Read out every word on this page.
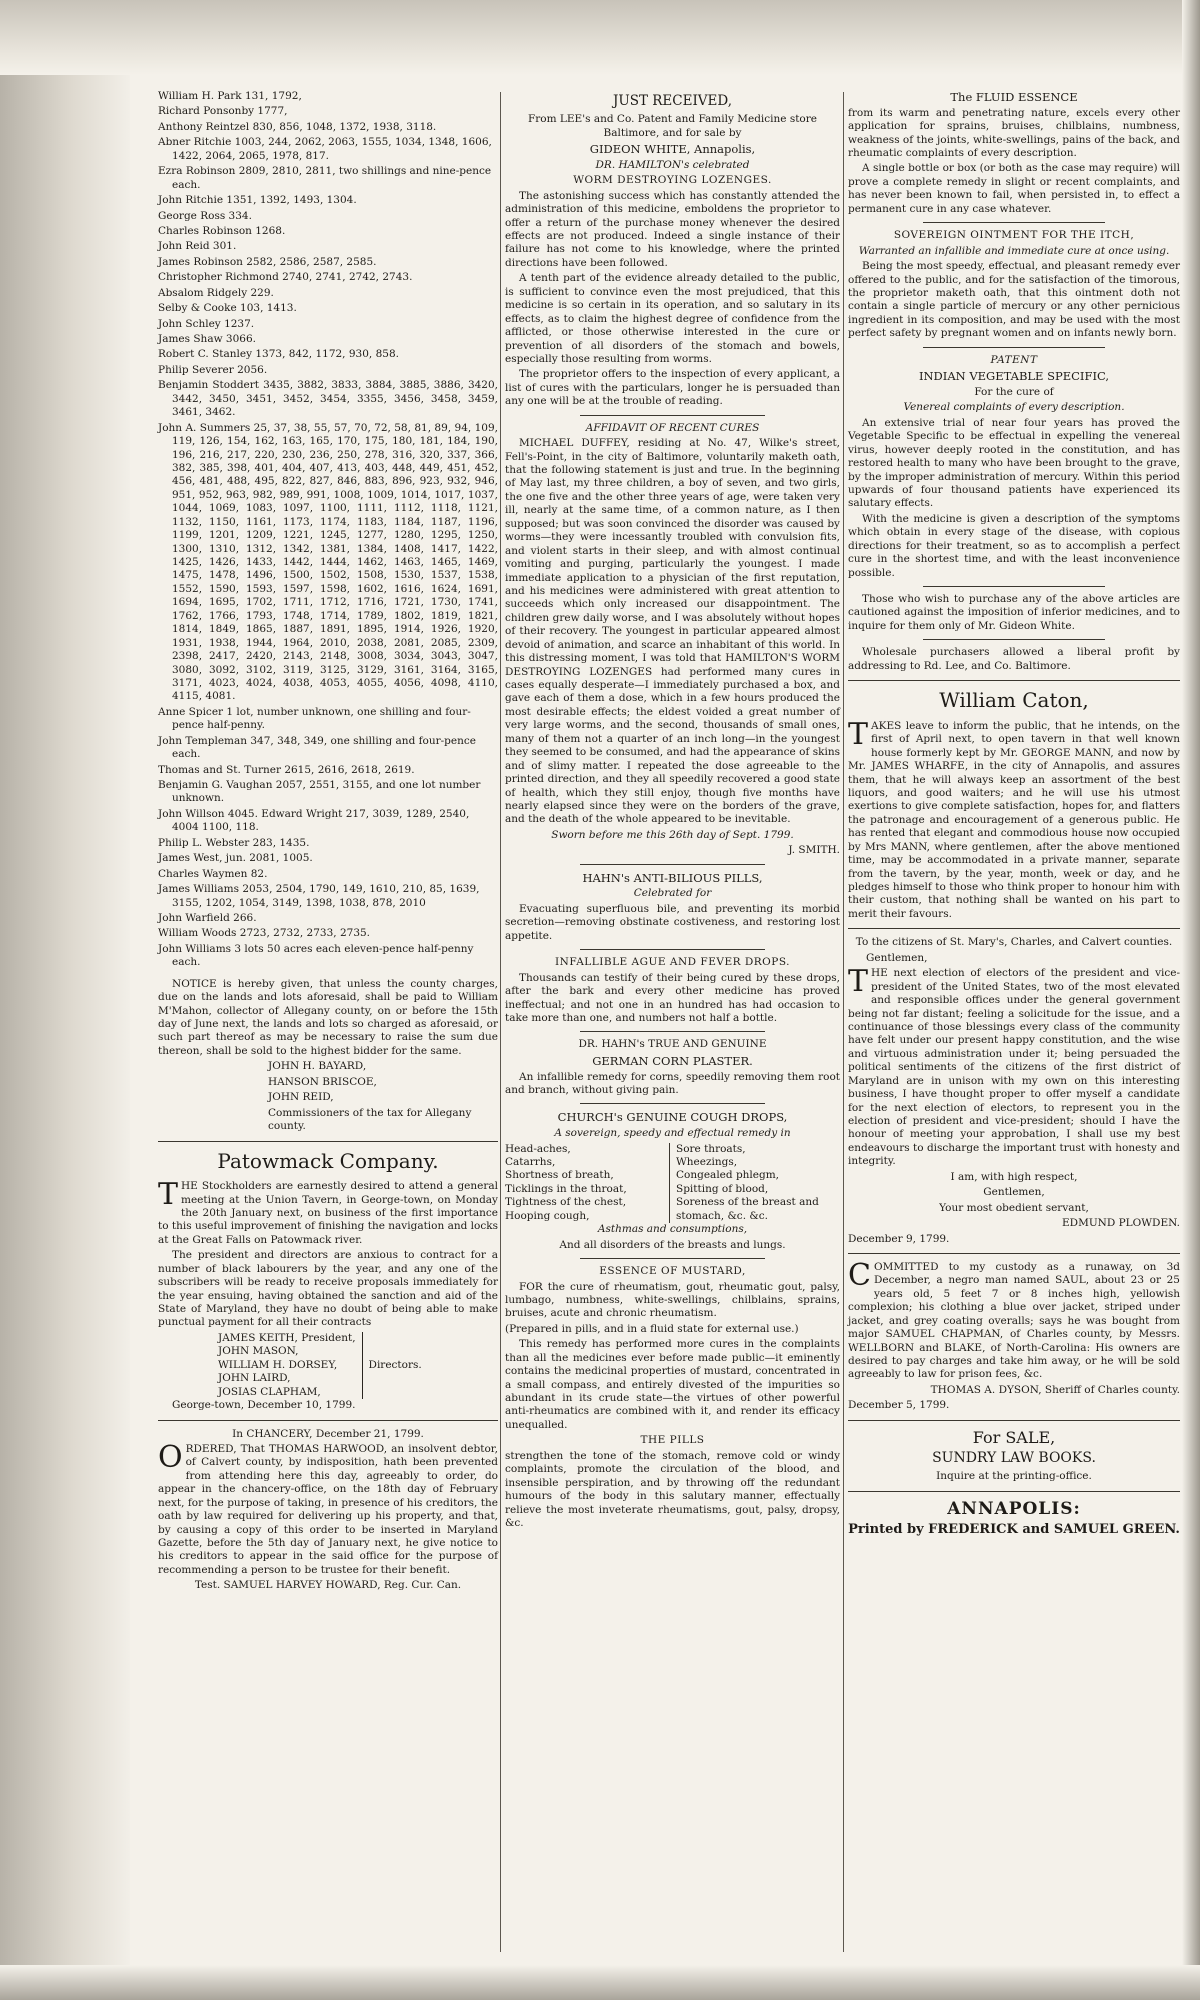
William H. Park 131, 1792,

Richard Ponsonby 1777,

Anthony Reintzel 830, 856, 1048, 1372, 1938, 3118.

Abner Ritchie 1003, 244, 2062, 2063, 1555, 1034, 1348, 1606, 1422, 2064, 2065, 1978, 817.

Ezra Robinson 2809, 2810, 2811, two shillings and nine-pence each.

John Ritchie 1351, 1392, 1493, 1304.

George Ross 334.

Charles Robinson 1268.

John Reid 301.

James Robinson 2582, 2586, 2587, 2585.

Christopher Richmond 2740, 2741, 2742, 2743.

Absalom Ridgely 229.

Selby & Cooke 103, 1413.

John Schley 1237.

James Shaw 3066.

Robert C. Stanley 1373, 842, 1172, 930, 858.

Philip Severer 2056.

Benjamin Stoddert 3435, 3882, 3833, 3884, 3885, 3886, 3420, 3442, 3450, 3451, 3452, 3454, 3355, 3456, 3458, 3459, 3461, 3462.

John A. Summers 25, 37, 38, 55, 57, 70, 72, 58, 81, 89, 94, 109, 119, 126, 154, 162, 163, 165, 170, 175, 180, 181, 184, 190, 196, 216, 217, 220, 230, 236, 250, 278, 316, 320, 337, 366, 382, 385, 398, 401, 404, 407, 413, 403, 448, 449, 451, 452, 456, 481, 488, 495, 822, 827, 846, 883, 896, 923, 932, 946, 951, 952, 963, 982, 989, 991, 1008, 1009, 1014, 1017, 1037, 1044, 1069, 1083, 1097, 1100, 1111, 1112, 1118, 1121, 1132, 1150, 1161, 1173, 1174, 1183, 1184, 1187, 1196, 1199, 1201, 1209, 1221, 1245, 1277, 1280, 1295, 1250, 1300, 1310, 1312, 1342, 1381, 1384, 1408, 1417, 1422, 1425, 1426, 1433, 1442, 1444, 1462, 1463, 1465, 1469, 1475, 1478, 1496, 1500, 1502, 1508, 1530, 1537, 1538, 1552, 1590, 1593, 1597, 1598, 1602, 1616, 1624, 1691, 1694, 1695, 1702, 1711, 1712, 1716, 1721, 1730, 1741, 1762, 1766, 1793, 1748, 1714, 1789, 1802, 1819, 1821, 1814, 1849, 1865, 1887, 1891, 1895, 1914, 1926, 1920, 1931, 1938, 1944, 1964, 2010, 2038, 2081, 2085, 2309, 2398, 2417, 2420, 2143, 2148, 3008, 3034, 3043, 3047, 3080, 3092, 3102, 3119, 3125, 3129, 3161, 3164, 3165, 3171, 4023, 4024, 4038, 4053, 4055, 4056, 4098, 4110, 4115, 4081.

Anne Spicer 1 lot, number unknown, one shilling and four-pence half-penny.

John Templeman 347, 348, 349, one shilling and four-pence each.

Thomas and St. Turner 2615, 2616, 2618, 2619.

Benjamin G. Vaughan 2057, 2551, 3155, and one lot number unknown.

John Willson 4045. Edward Wright 217, 3039, 1289, 2540, 4004 1100, 118.

Philip L. Webster 283, 1435.

James West, jun. 2081, 1005.

Charles Waymen 82.

James Williams 2053, 2504, 1790, 149, 1610, 210, 85, 1639, 3155, 1202, 1054, 3149, 1398, 1038, 878, 2010

John Warfield 266.

William Woods 2723, 2732, 2733, 2735.

John Williams 3 lots 50 acres each eleven-pence half-penny each.

NOTICE is hereby given, that unless the county charges, due on the lands and lots aforesaid, shall be paid to William M'Mahon, collector of Allegany county, on or before the 15th day of June next, the lands and lots so charged as aforesaid, or such part thereof as may be necessary to raise the sum due thereon, shall be sold to the highest bidder for the same.

JOHN H. BAYARD,

HANSON BRISCOE,

JOHN REID,

Commissioners of the tax for Allegany county.

Patowmack Company.

THE Stockholders are earnestly desired to attend a general meeting at the Union Tavern, in George-town, on Monday the 20th January next, on business of the first importance to this useful improvement of finishing the navigation and locks at the Great Falls on Patowmack river.

The president and directors are anxious to contract for a number of black labourers by the year, and any one of the subscribers will be ready to receive proposals immediately for the year ensuing, having obtained the sanction and aid of the State of Maryland, they have no doubt of being able to make punctual payment for all their contracts

JAMES KEITH, President,
JOHN MASON,
WILLIAM H. DORSEY,
JOHN LAIRD,
JOSIAS CLAPHAM,
Directors.

George-town, December 10, 1799.

In CHANCERY, December 21, 1799.

ORDERED, That THOMAS HARWOOD, an insolvent debtor, of Calvert county, by indisposition, hath been prevented from attending here this day, agreeably to order, do appear in the chancery-office, on the 18th day of February next, for the purpose of taking, in presence of his creditors, the oath by law required for delivering up his property, and that, by causing a copy of this order to be inserted in Maryland Gazette, before the 5th day of January next, he give notice to his creditors to appear in the said office for the purpose of recommending a person to be trustee for their benefit.

Test. SAMUEL HARVEY HOWARD, Reg. Cur. Can.

JUST RECEIVED,

From LEE's and Co. Patent and Family Medicine store Baltimore, and for sale by

GIDEON WHITE, Annapolis,

DR. HAMILTON's celebrated

WORM DESTROYING LOZENGES.

The astonishing success which has constantly attended the administration of this medicine, emboldens the proprietor to offer a return of the purchase money whenever the desired effects are not produced. Indeed a single instance of their failure has not come to his knowledge, where the printed directions have been followed.

A tenth part of the evidence already detailed to the public, is sufficient to convince even the most prejudiced, that this medicine is so certain in its operation, and so salutary in its effects, as to claim the highest degree of confidence from the afflicted, or those otherwise interested in the cure or prevention of all disorders of the stomach and bowels, especially those resulting from worms.

The proprietor offers to the inspection of every applicant, a list of cures with the particulars, longer he is persuaded than any one will be at the trouble of reading.

AFFIDAVIT OF RECENT CURES

MICHAEL DUFFEY, residing at No. 47, Wilke's street, Fell's-Point, in the city of Baltimore, voluntarily maketh oath, that the following statement is just and true. In the beginning of May last, my three children, a boy of seven, and two girls, the one five and the other three years of age, were taken very ill, nearly at the same time, of a common nature, as I then supposed; but was soon convinced the disorder was caused by worms—they were incessantly troubled with convulsion fits, and violent starts in their sleep, and with almost continual vomiting and purging, particularly the youngest. I made immediate application to a physician of the first reputation, and his medicines were administered with great attention to succeeds which only increased our disappointment. The children grew daily worse, and I was absolutely without hopes of their recovery. The youngest in particular appeared almost devoid of animation, and scarce an inhabitant of this world. In this distressing moment, I was told that HAMILTON'S WORM DESTROYING LOZENGES had performed many cures in cases equally desperate—I immediately purchased a box, and gave each of them a dose, which in a few hours produced the most desirable effects; the eldest voided a great number of very large worms, and the second, thousands of small ones, many of them not a quarter of an inch long—in the youngest they seemed to be consumed, and had the appearance of skins and of slimy matter. I repeated the dose agreeable to the printed direction, and they all speedily recovered a good state of health, which they still enjoy, though five months have nearly elapsed since they were on the borders of the grave, and the death of the whole appeared to be inevitable.

Sworn before me this 26th day of Sept. 1799.

J. SMITH.

HAHN's ANTI-BILIOUS PILLS,

Celebrated for

Evacuating superfluous bile, and preventing its morbid secretion—removing obstinate costiveness, and restoring lost appetite.

INFALLIBLE AGUE AND FEVER DROPS.

Thousands can testify of their being cured by these drops, after the bark and every other medicine has proved ineffectual; and not one in an hundred has had occasion to take more than one, and numbers not half a bottle.

DR. HAHN's TRUE AND GENUINE

GERMAN CORN PLASTER.

An infallible remedy for corns, speedily removing them root and branch, without giving pain.

CHURCH's GENUINE COUGH DROPS,

A sovereign, speedy and effectual remedy in

Head-aches,
Catarrhs,
Shortness of breath,
Ticklings in the throat,
Tightness of the chest,
Hooping cough,
Sore throats,
Wheezings,
Congealed phlegm,
Spitting of blood,
Soreness of the breast and stomach, &c. &c.

Asthmas and consumptions,

And all disorders of the breasts and lungs.

ESSENCE OF MUSTARD,

FOR the cure of rheumatism, gout, rheumatic gout, palsy, lumbago, numbness, white-swellings, chilblains, sprains, bruises, acute and chronic rheumatism.

(Prepared in pills, and in a fluid state for external use.)

This remedy has performed more cures in the complaints than all the medicines ever before made public—it eminently contains the medicinal properties of mustard, concentrated in a small compass, and entirely divested of the impurities so abundant in its crude state—the virtues of other powerful anti-rheumatics are combined with it, and render its efficacy unequalled.

THE PILLS

strengthen the tone of the stomach, remove cold or windy complaints, promote the circulation of the blood, and insensible perspiration, and by throwing off the redundant humours of the body in this salutary manner, effectually relieve the most inveterate rheumatisms, gout, palsy, dropsy, &c.

The FLUID ESSENCE

from its warm and penetrating nature, excels every other application for sprains, bruises, chilblains, numbness, weakness of the joints, white-swellings, pains of the back, and rheumatic complaints of every description.

A single bottle or box (or both as the case may require) will prove a complete remedy in slight or recent complaints, and has never been known to fail, when persisted in, to effect a permanent cure in any case whatever.

SOVEREIGN OINTMENT FOR THE ITCH,

Warranted an infallible and immediate cure at once using.

Being the most speedy, effectual, and pleasant remedy ever offered to the public, and for the satisfaction of the timorous, the proprietor maketh oath, that this ointment doth not contain a single particle of mercury or any other pernicious ingredient in its composition, and may be used with the most perfect safety by pregnant women and on infants newly born.

PATENT

INDIAN VEGETABLE SPECIFIC,

For the cure of

Venereal complaints of every description.

An extensive trial of near four years has proved the Vegetable Specific to be effectual in expelling the venereal virus, however deeply rooted in the constitution, and has restored health to many who have been brought to the grave, by the improper administration of mercury. Within this period upwards of four thousand patients have experienced its salutary effects.

With the medicine is given a description of the symptoms which obtain in every stage of the disease, with copious directions for their treatment, so as to accomplish a perfect cure in the shortest time, and with the least inconvenience possible.

Those who wish to purchase any of the above articles are cautioned against the imposition of inferior medicines, and to inquire for them only of Mr. Gideon White.

Wholesale purchasers allowed a liberal profit by addressing to Rd. Lee, and Co. Baltimore.

William Caton,

TAKES leave to inform the public, that he intends, on the first of April next, to open tavern in that well known house formerly kept by Mr. GEORGE MANN, and now by Mr. JAMES WHARFE, in the city of Annapolis, and assures them, that he will always keep an assortment of the best liquors, and good waiters; and he will use his utmost exertions to give complete satisfaction, hopes for, and flatters the patronage and encouragement of a generous public. He has rented that elegant and commodious house now occupied by Mrs MANN, where gentlemen, after the above mentioned time, may be accommodated in a private manner, separate from the tavern, by the year, month, week or day, and he pledges himself to those who think proper to honour him with their custom, that nothing shall be wanted on his part to merit their favours.

To the citizens of St. Mary's, Charles, and Calvert counties.

Gentlemen,

THE next election of electors of the president and vice-president of the United States, two of the most elevated and responsible offices under the general government being not far distant; feeling a solicitude for the issue, and a continuance of those blessings every class of the community have felt under our present happy constitution, and the wise and virtuous administration under it; being persuaded the political sentiments of the citizens of the first district of Maryland are in unison with my own on this interesting business, I have thought proper to offer myself a candidate for the next election of electors, to represent you in the election of president and vice-president; should I have the honour of meeting your approbation, I shall use my best endeavours to discharge the important trust with honesty and integrity.

I am, with high respect,

Gentlemen,

Your most obedient servant,

EDMUND PLOWDEN.

December 9, 1799.

COMMITTED to my custody as a runaway, on 3d December, a negro man named SAUL, about 23 or 25 years old, 5 feet 7 or 8 inches high, yellowish complexion; his clothing a blue over jacket, striped under jacket, and grey coating overalls; says he was bought from major SAMUEL CHAPMAN, of Charles county, by Messrs. WELLBORN and BLAKE, of North-Carolina: His owners are desired to pay charges and take him away, or he will be sold agreeably to law for prison fees, &c.

THOMAS A. DYSON, Sheriff of Charles county.

December 5, 1799.

For SALE,

SUNDRY LAW BOOKS.

Inquire at the printing-office.

ANNAPOLIS:

Printed by FREDERICK and SAMUEL GREEN.
